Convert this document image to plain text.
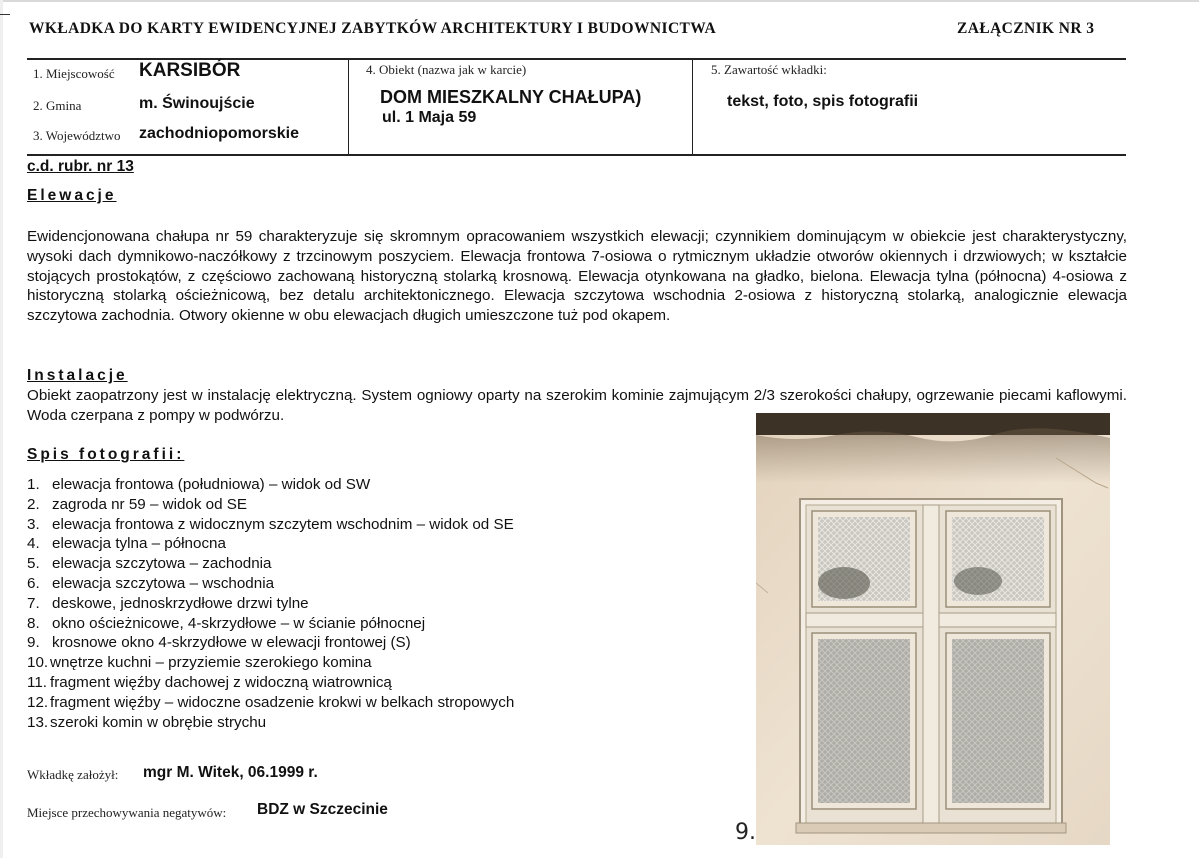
WKŁADKA DO KARTY EWIDENCYJNEJ ZABYTKÓW ARCHITEKTURY I BUDOWNICTWA	ZAŁĄCZNIK NR 3
1. Miejscowość KARSIBÓR
2. Gmina	m. Świnoujście
3. Województwo zachodniopomorskie
4. Obiekt (nazwa jak w karcie)
DOM MIESZKALNY CHAŁUPA)
ul. 1 Maja 59
5. Zawartość wkładki:
tekst, foto, spis fotografii
c.d. rubr. nr 13
Elewacje
Ewidencjonowana chałupa nr 59 charakteryzuje się skromnym opracowaniem wszystkich elewacji; czynnikiem dominującym w obiekcie jest charakterystyczny, wysoki dach dymnikowo-naczółkowy z trzcinowym poszyciem. Elewacja frontowa 7-osiowa o rytmicznym układzie otworów okiennych i drzwiowych; w kształcie stojących prostokątów, z częściowo zachowaną historyczną stolarką krosnową. Elewacja otynkowana na gładko, bielona. Elewacja tylna (północna) 4-osiowa z historyczną stolarką ościeżnicową, bez detalu architektonicznego. Elewacja szczytowa wschodnia 2-osiowa z historyczną stolarką, analogicznie elewacja szczytowa zachodnia. Otwory okienne w obu elewacjach długich umieszczone tuż pod okapem.
Instalacje
Obiekt zaopatrzony jest w instalację elektryczną. System ogniowy oparty na szerokim kominie zajmującym 2/3 szerokości chałupy, ogrzewanie piecami kaflowymi. Woda czerpana z pompy w podwórzu.
Spis fotografii:
1. elewacja frontowa (południowa) – widok od SW
2. zagroda nr 59 – widok od SE
3. elewacja frontowa z widocznym szczytem wschodnim – widok od SE
4. elewacja tylna – północna
5. elewacja szczytowa – zachodnia
6. elewacja szczytowa – wschodnia
7. deskowe, jednoskrzydłowe drzwi tylne
8. okno ościeżnicowe, 4-skrzydłowe – w ścianie północnej
9. krosnowe okno 4-skrzydłowe w elewacji frontowej (S)
10. wnętrze kuchni – przyziemie szerokiego komina
11. fragment więźby dachowej z widoczną wiatrownicą
12. fragment więźby – widoczne osadzenie krokwi w belkach stropowych
13. szeroki komin w obrębie strychu
Wkładkę założył: mgr M. Witek, 06.1999 r.
Miejsce przechowywania negatywów: BDZ w Szczecinie
9.
